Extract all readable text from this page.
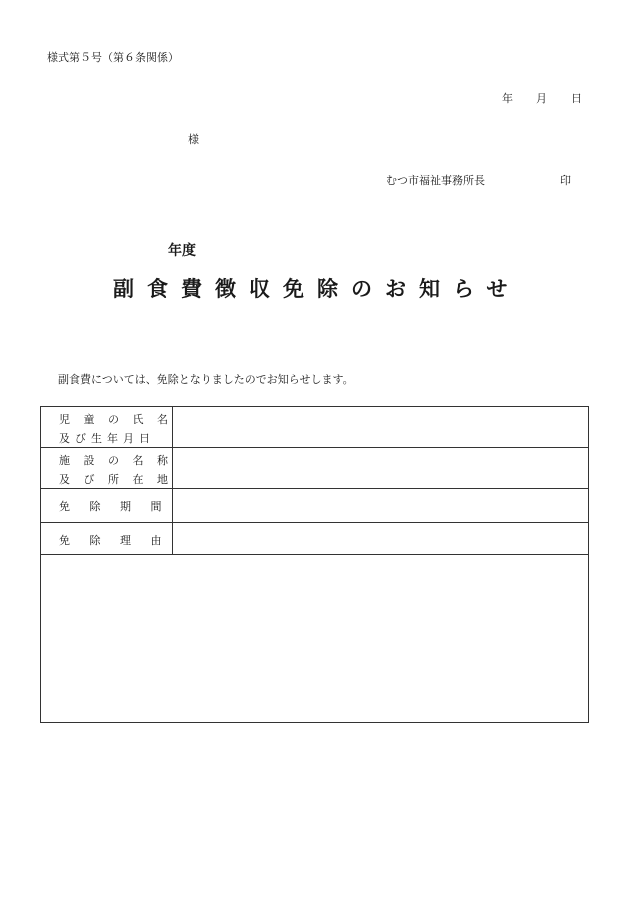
様式第５号（第６条関係）
年 月 日
様
むつ市福祉事務所長	印
年度
副食費徴収免除のお知らせ
副食費については、免除となりましたのでお知らせします。
児 童 の 氏 名
及び生年月日
施 設 の 名 称
及 び 所 在 地
免 除 期 間
免 除 理 由
